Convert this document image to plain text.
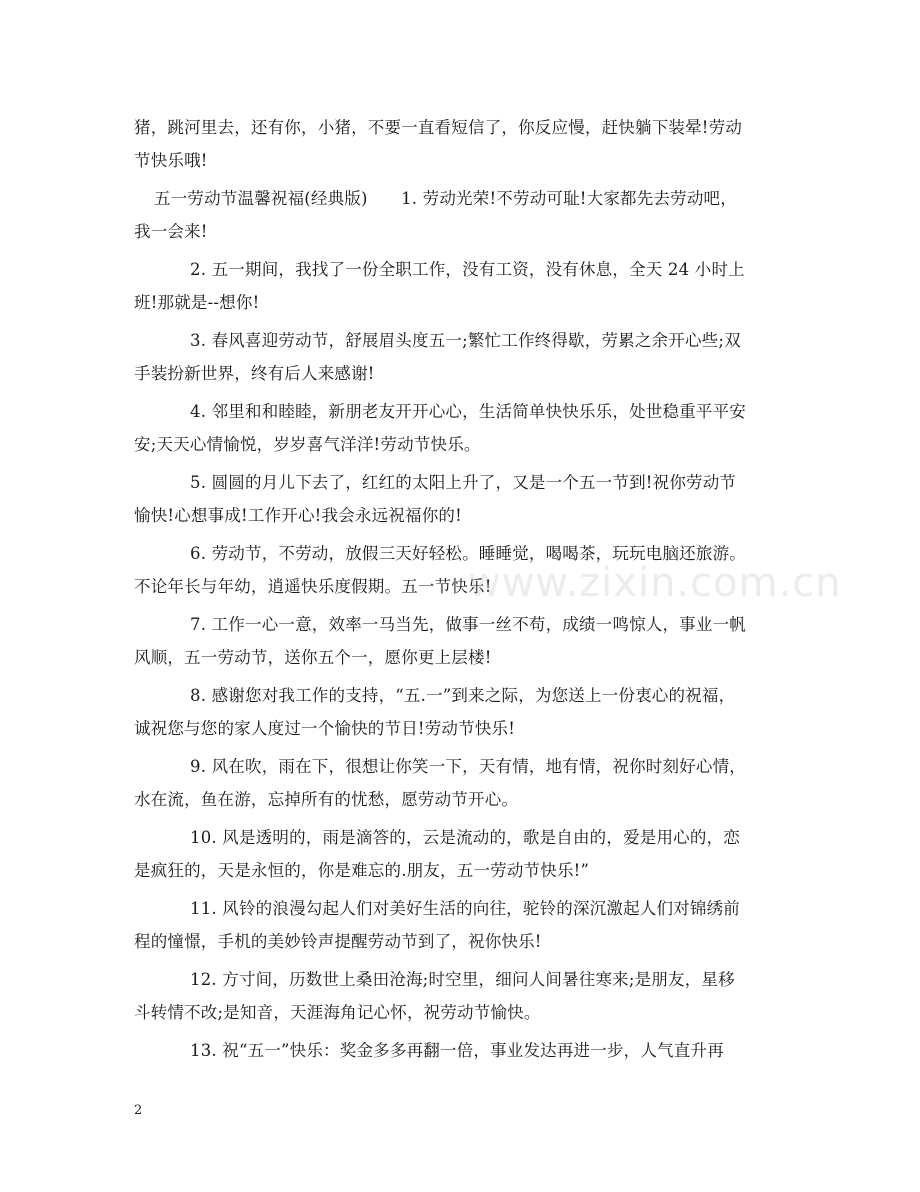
猪，跳河里去，还有你，小猪，不要一直看短信了，你反应慢，赶快躺下装晕!劳动
节快乐哦!
五一劳动节温馨祝福(经典版)　　1. 劳动光荣!不劳动可耻!大家都先去劳动吧，
我一会来!
2. 五一期间，我找了一份全职工作，没有工资，没有休息，全天 24 小时上
班!那就是--想你!
3. 春风喜迎劳动节，舒展眉头度五一;繁忙工作终得歇，劳累之余开心些;双
手装扮新世界，终有后人来感谢!
4. 邻里和和睦睦，新朋老友开开心心，生活简单快快乐乐，处世稳重平平安
安;天天心情愉悦，岁岁喜气洋洋!劳动节快乐。
5. 圆圆的月儿下去了，红红的太阳上升了，又是一个五一节到!祝你劳动节
愉快!心想事成!工作开心!我会永远祝福你的!
6. 劳动节，不劳动，放假三天好轻松。睡睡觉，喝喝茶，玩玩电脑还旅游。
不论年长与年幼，逍遥快乐度假期。五一节快乐!
7. 工作一心一意，效率一马当先，做事一丝不苟，成绩一鸣惊人，事业一帆
风顺，五一劳动节，送你五个一，愿你更上层楼!
8. 感谢您对我工作的支持，“五.一”到来之际，为您送上一份衷心的祝福，
诚祝您与您的家人度过一个愉快的节日!劳动节快乐!
9. 风在吹，雨在下，很想让你笑一下，天有情，地有情，祝你时刻好心情，
水在流，鱼在游，忘掉所有的忧愁，愿劳动节开心。
10. 风是透明的，雨是滴答的，云是流动的，歌是自由的，爱是用心的，恋
是疯狂的，天是永恒的，你是难忘的.朋友，五一劳动节快乐!”
11. 风铃的浪漫勾起人们对美好生活的向往，驼铃的深沉激起人们对锦绣前
程的憧憬，手机的美妙铃声提醒劳动节到了，祝你快乐!
12. 方寸间，历数世上桑田沧海;时空里，细问人间暑往寒来;是朋友，星移
斗转情不改;是知音，天涯海角记心怀，祝劳动节愉快。
13. 祝“五一”快乐：奖金多多再翻一倍，事业发达再进一步，人气直升再
www.zixin.com.cn
2
